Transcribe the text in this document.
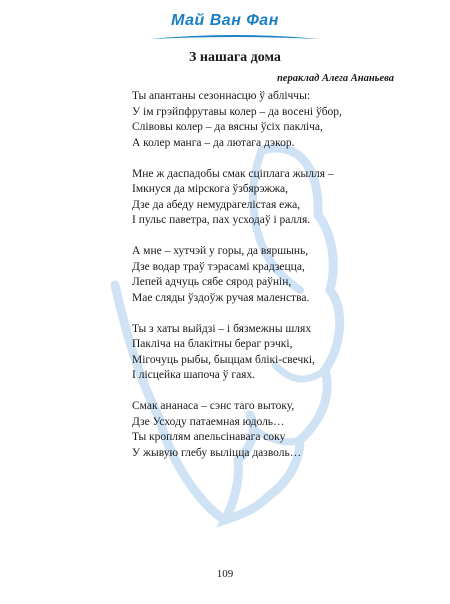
Май Ван Фан
З нашага дома
пераклад Алега Ананьева
Ты апантаны сезоннасцю ў абліччы:
У ім грэйпфрутавы колер – да восені ўбор,
Слівовы колер – да вясны ўсіх пакліча,
А колер манга – да лютага дэкор.
Мне ж даспадобы смак сціплага жылля –
Імкнуся да мірскога ўзбярэжжа,
Дзе да абеду немудрагелістая ежа,
І пульс паветра, пах усходаў і ралля.
А мне – хутчэй у горы, да вяршынь,
Дзе водар траў тэрасамі крадзецца,
Лепей адчуць сябе сярод раўнін,
Мае сляды ўздоўж ручая маленства.
Ты з хаты выйдзі – і бязмежны шлях
Пакліча на блакітны бераг рэчкі,
Мігочуць рыбы, быццам блікі-свечкі,
І лісцейка шапоча ў гаях.
Смак ананаса – сэнс таго вытоку,
Дзе Усходу патаемная юдоль…
Ты кроплям апельсінавага соку
У жывую глебу выліцца дазволь…
109
